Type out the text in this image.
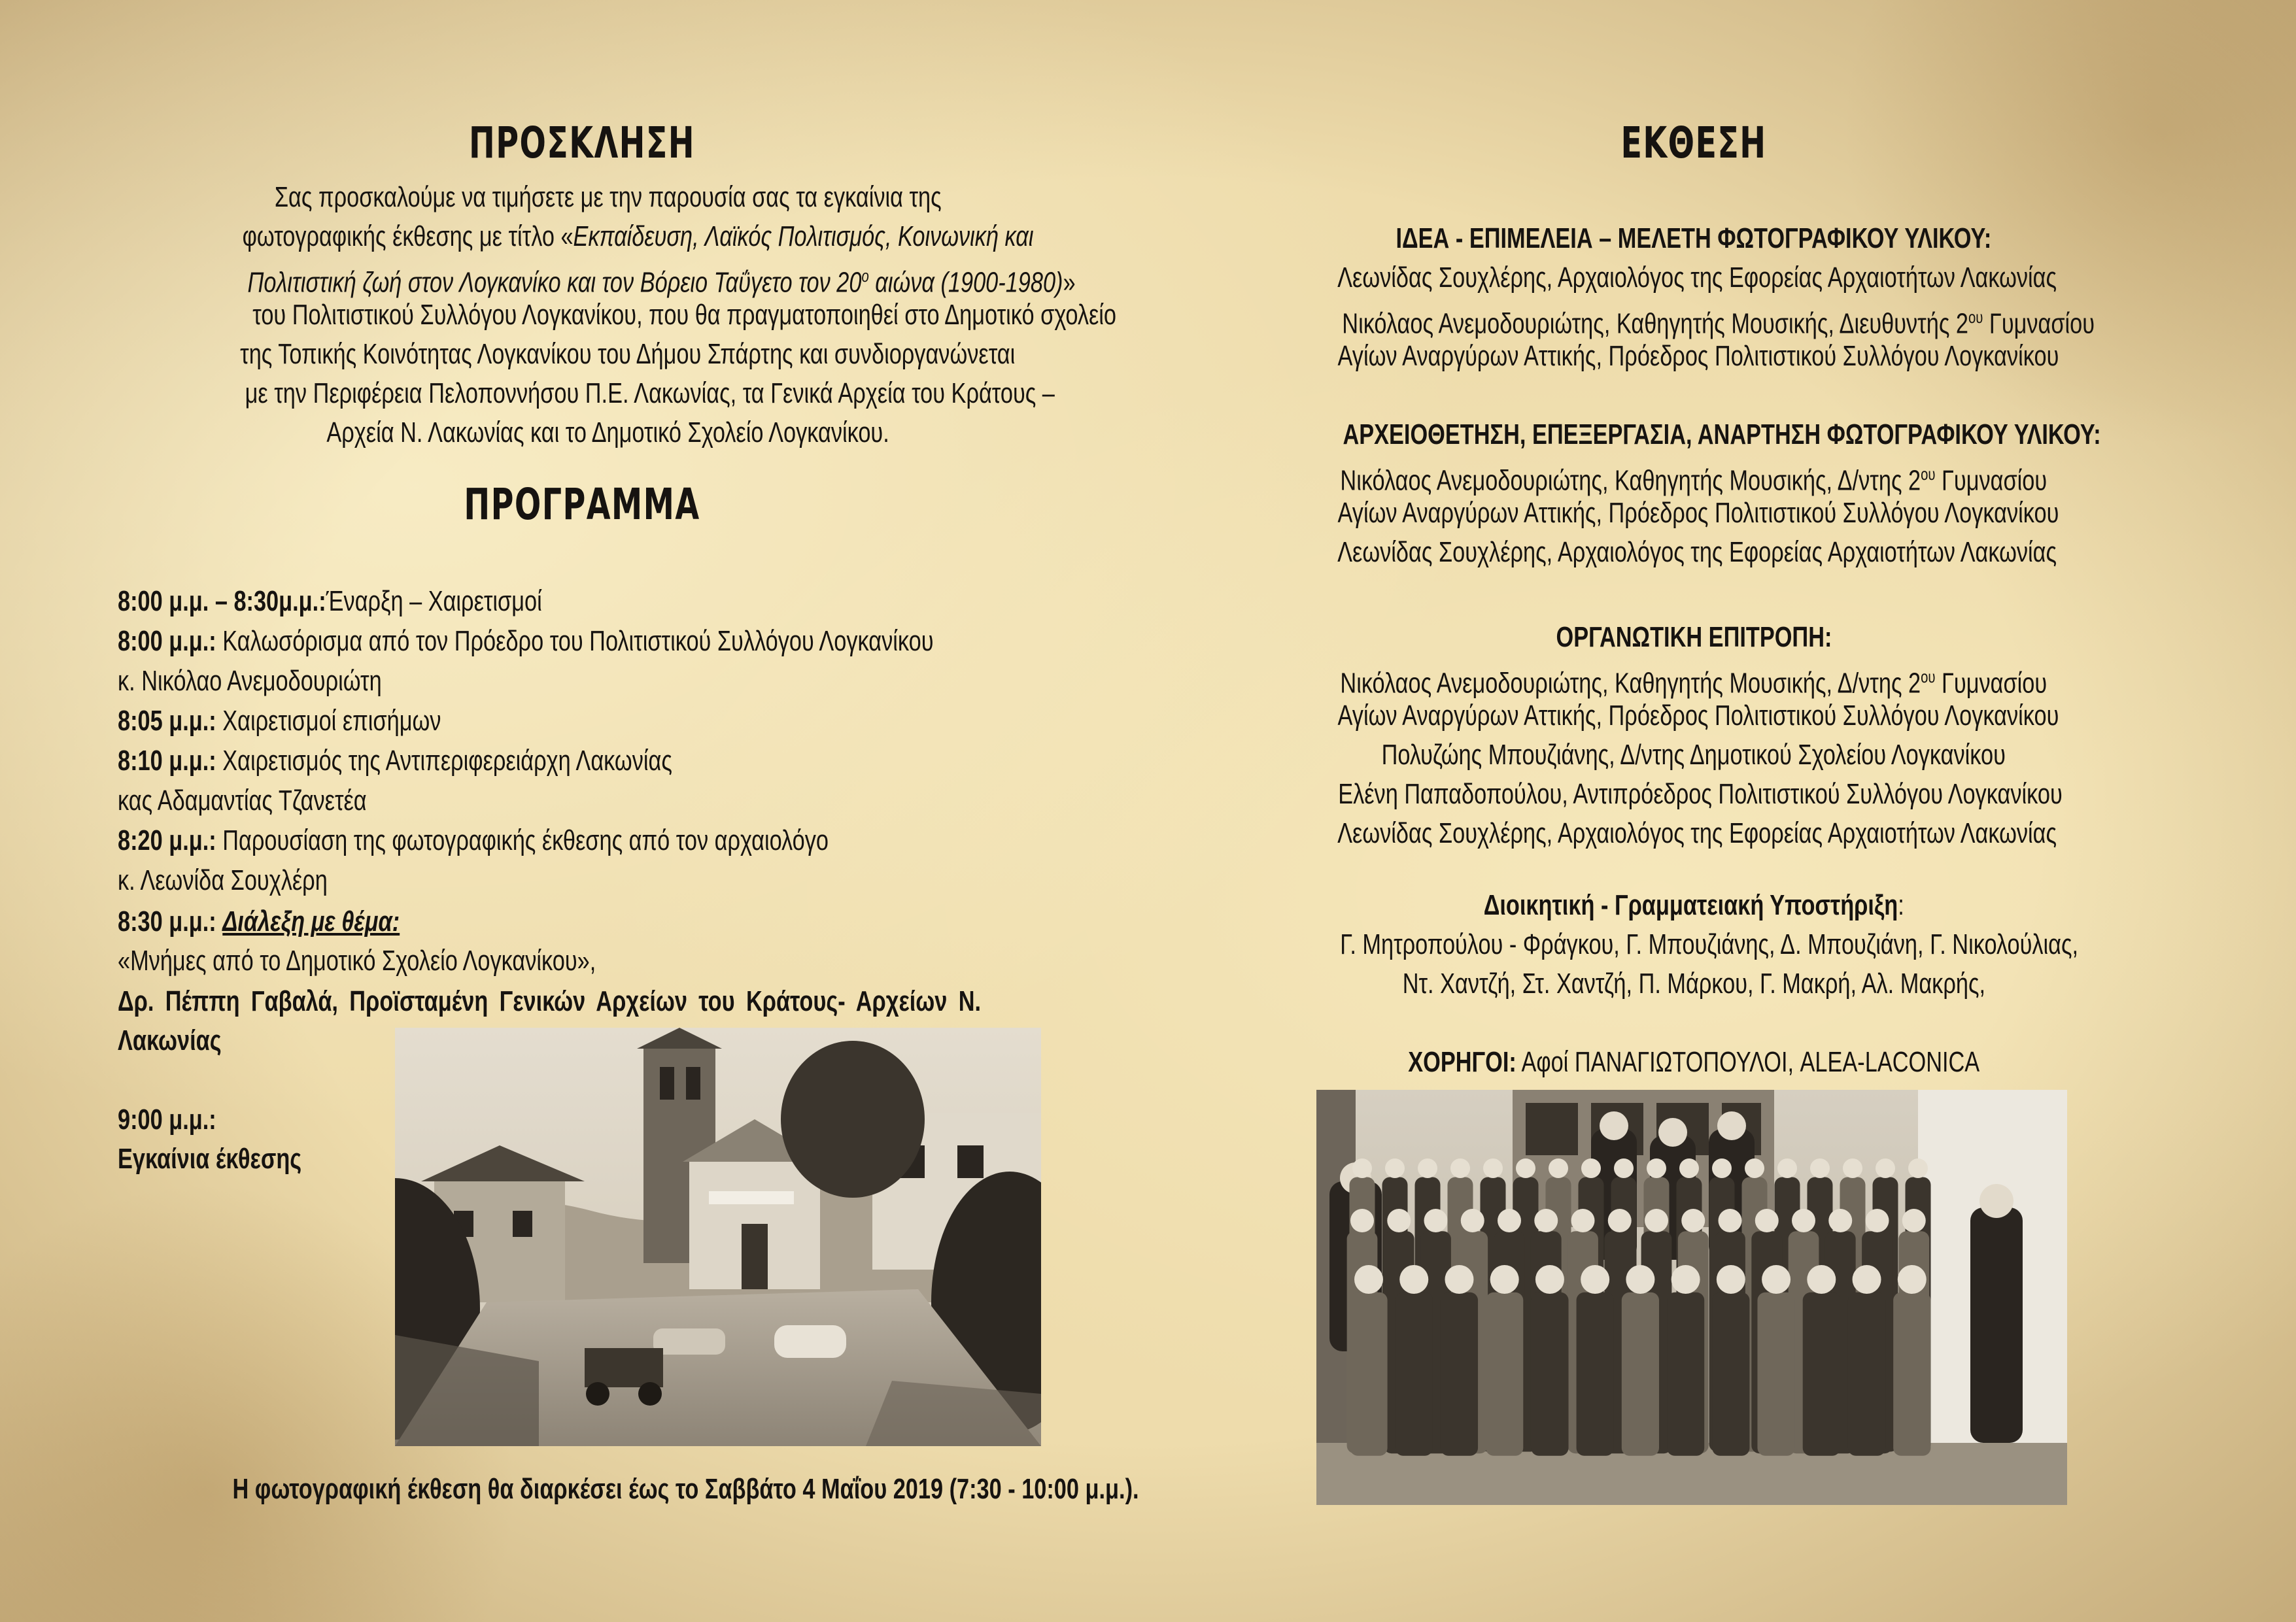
ΠΡΟΣΚΛΗΣΗ
Σας προσκαλούμε να τιμήσετε με την παρουσία σας τα εγκαίνια της
φωτογραφικής έκθεσης με τίτλο «Εκπαίδευση, Λαϊκός Πολιτισμός, Κοινωνική και
Πολιτιστική ζωή στον Λογκανίκο και τον Βόρειο Ταΰγετο τον $20^o$ αιώνα (1900-1980)»
του Πολιτιστικού Συλλόγου Λογκανίκου, που θα πραγματοποιηθεί στο Δημοτικό σχολείο
της Τοπικής Κοινότητας Λογκανίκου του Δήμου Σπάρτης και συνδιοργανώνεται
με την Περιφέρεια Πελοποννήσου Π.Ε. Λακωνίας, τα Γενικά Αρχεία του Κράτους –
Αρχεία Ν. Λακωνίας και το Δημοτικό Σχολείο Λογκανίκου.
ΠΡΟΓΡΑΜΜΑ
8:00 μ.μ. – 8:30μ.μ.:Έναρξη – Χαιρετισμοί
8:00 μ.μ.: Καλωσόρισμα από τον Πρόεδρο του Πολιτιστικού Συλλόγου Λογκανίκου
κ. Νικόλαο Ανεμοδουριώτη
8:05 μ.μ.: Χαιρετισμοί επισήμων
8:10 μ.μ.: Χαιρετισμός της Αντιπεριφερειάρχη Λακωνίας
κας Αδαμαντίας Τζανετέα
8:20 μ.μ.: Παρουσίαση της φωτογραφικής έκθεσης από τον αρχαιολόγο
κ. Λεωνίδα Σουχλέρη
8:30 μ.μ.: Διάλεξη με θέμα:
«Μνήμες από το Δημοτικό Σχολείο Λογκανίκου»,
Δρ. Πέππη Γαβαλά, Προϊσταμένη Γενικών Αρχείων του Κράτους- Αρχείων Ν.
Λακωνίας
9:00 μ.μ.:
Εγκαίνια έκθεσης
Η φωτογραφική έκθεση θα διαρκέσει έως το Σαββάτο 4 Μαΐου 2019 (7:30 - 10:00 μ.μ.).
ΕΚΘΕΣΗ
ΙΔΕΑ - ΕΠΙΜΕΛΕΙΑ – ΜΕΛΕΤΗ ΦΩΤΟΓΡΑΦΙΚΟΥ ΥΛΙΚΟΥ:
Λεωνίδας Σουχλέρης, Αρχαιολόγος της Εφορείας Αρχαιοτήτων Λακωνίας
Νικόλαος Ανεμοδουριώτης, Καθηγητής Μουσικής, Διευθυντής $2^{o\upsilon}$ Γυμνασίου
Αγίων Αναργύρων Αττικής, Πρόεδρος Πολιτιστικού Συλλόγου Λογκανίκου
ΑΡΧΕΙΟΘΕΤΗΣΗ, ΕΠΕΞΕΡΓΑΣΙΑ, ΑΝΑΡΤΗΣΗ ΦΩΤΟΓΡΑΦΙΚΟΥ ΥΛΙΚΟΥ:
Νικόλαος Ανεμοδουριώτης, Καθηγητής Μουσικής, Δ/ντης $2^{o\upsilon}$ Γυμνασίου
Αγίων Αναργύρων Αττικής, Πρόεδρος Πολιτιστικού Συλλόγου Λογκανίκου
Λεωνίδας Σουχλέρης, Αρχαιολόγος της Εφορείας Αρχαιοτήτων Λακωνίας
ΟΡΓΑΝΩΤΙΚΗ ΕΠΙΤΡΟΠΗ:
Νικόλαος Ανεμοδουριώτης, Καθηγητής Μουσικής, Δ/ντης $2^{o\upsilon}$ Γυμνασίου
Αγίων Αναργύρων Αττικής, Πρόεδρος Πολιτιστικού Συλλόγου Λογκανίκου
Πολυζώης Μπουζιάνης, Δ/ντης Δημοτικού Σχολείου Λογκανίκου
Ελένη Παπαδοπούλου, Αντιπρόεδρος Πολιτιστικού Συλλόγου Λογκανίκου
Λεωνίδας Σουχλέρης, Αρχαιολόγος της Εφορείας Αρχαιοτήτων Λακωνίας
Διοικητική - Γραμματειακή Υποστήριξη:
Γ. Μητροπούλου - Φράγκου, Γ. Μπουζιάνης, Δ. Μπουζιάνη, Γ. Νικολούλιας,
Ντ. Χαντζή, Στ. Χαντζή, Π. Μάρκου, Γ. Μακρή, Αλ. Μακρής,
ΧΟΡΗΓΟΙ: Αφοί ΠΑΝΑΓΙΩΤΟΠΟΥΛΟΙ, ALEA-LACONICA
